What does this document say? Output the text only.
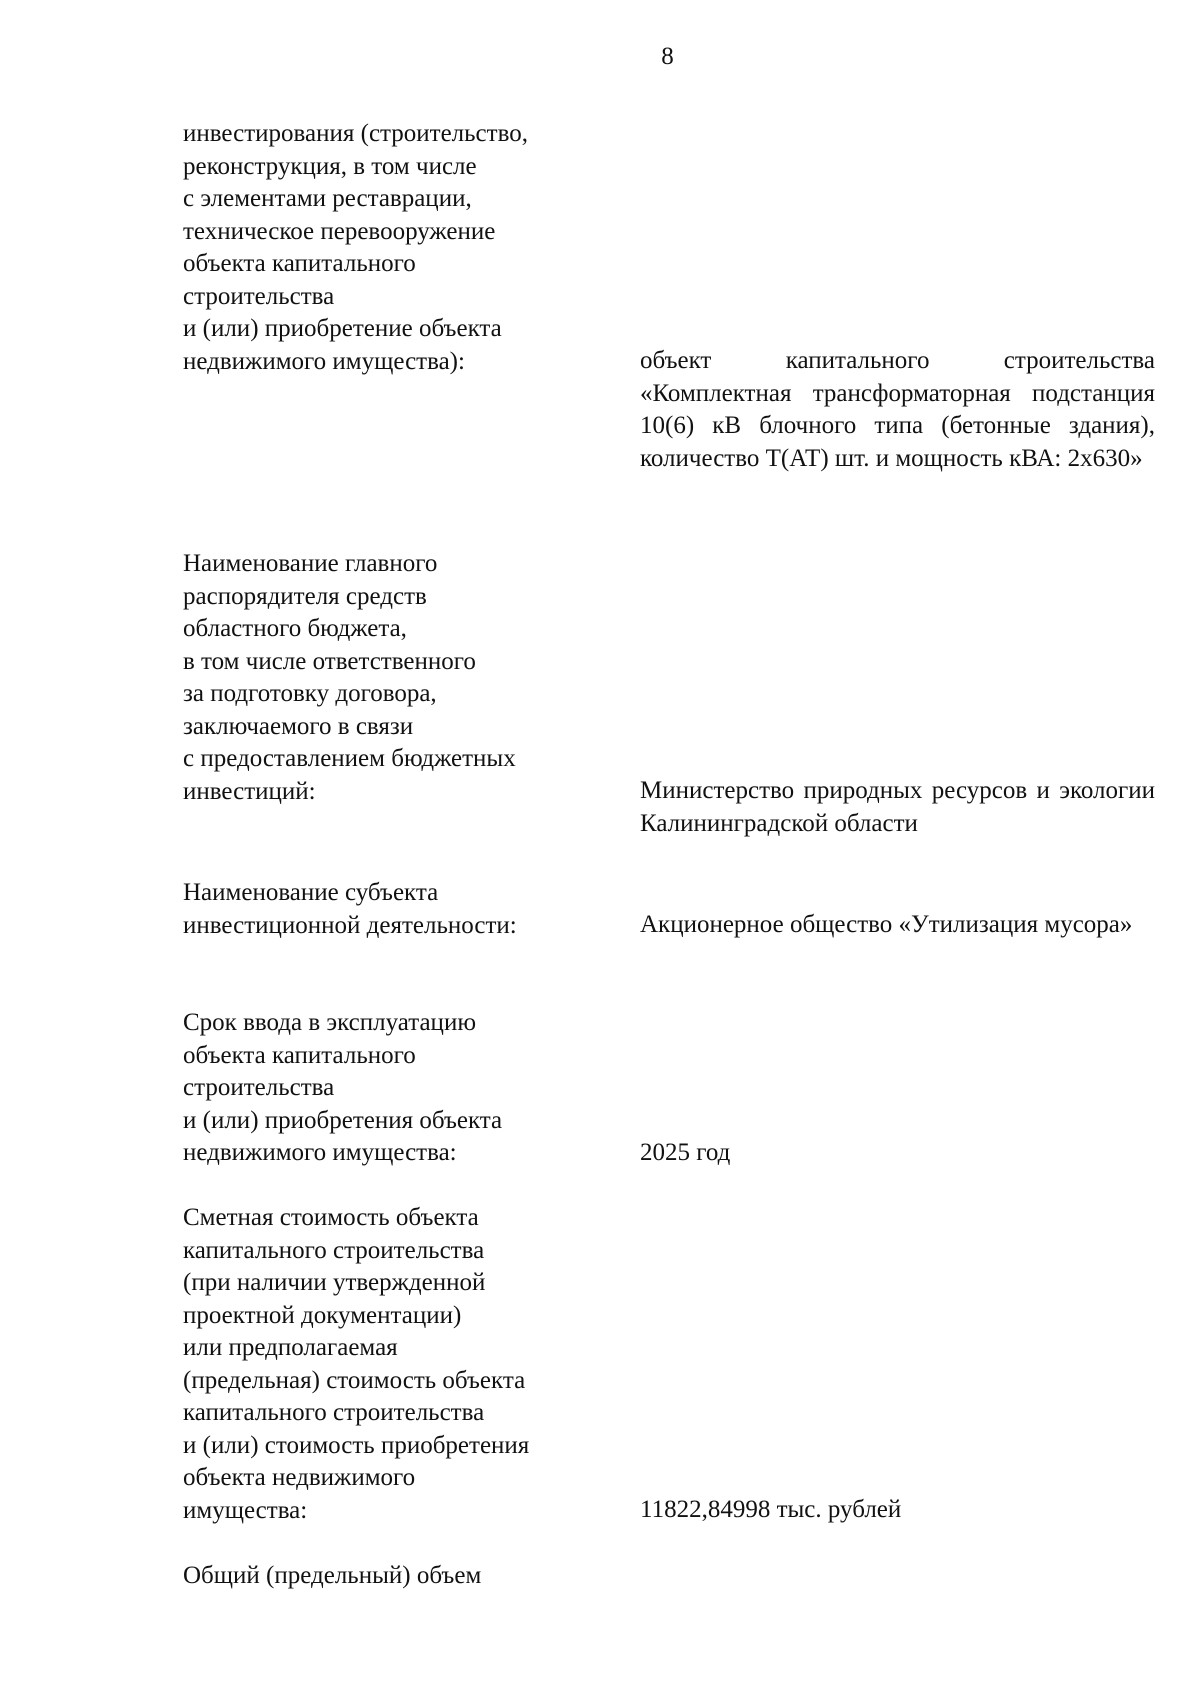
8
инвестирования (строительство,
реконструкция, в том числе
с элементами реставрации,
техническое перевооружение
объекта капитального
строительства
и (или) приобретение объекта
недвижимого имущества):	объект капитального строительства «Комплектная трансформаторная подстанция 10(6) кВ блочного типа (бетонные здания), количество Т(АТ) шт. и мощность кВА: 2х630»
Наименование главного
распорядителя средств
областного бюджета,
в том числе ответственного
за подготовку договора,
заключаемого в связи
с предоставлением бюджетных
инвестиций:	Министерство природных ресурсов и экологии Калининградской области
Наименование субъекта
инвестиционной деятельности:	Акционерное общество «Утилизация мусора»
Срок ввода в эксплуатацию
объекта капитального
строительства
и (или) приобретения объекта
недвижимого имущества:	2025 год
Сметная стоимость объекта
капитального строительства
(при наличии утвержденной
проектной документации)
или предполагаемая
(предельная) стоимость объекта
капитального строительства
и (или) стоимость приобретения
объекта недвижимого
имущества:	11822,84998 тыс. рублей
Общий (предельный) объем
